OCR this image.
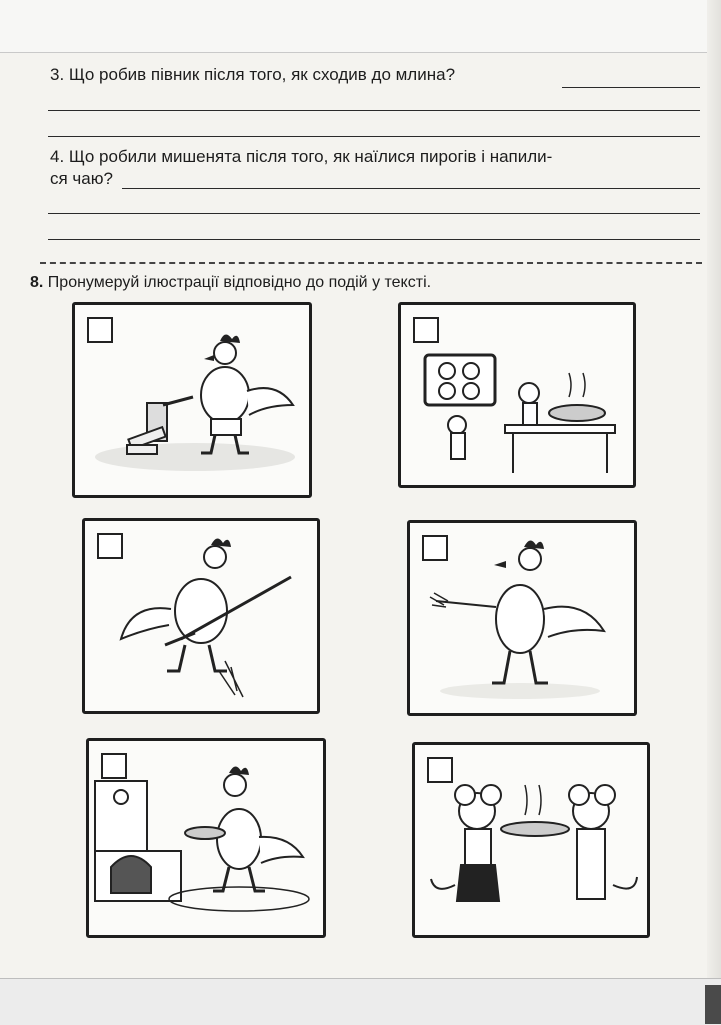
3. Що робив півник після того, як сходив до млина?
4. Що робили мишенята після того, як наїлися пирогів і напили-
ся чаю?
8. Пронумеруй ілюстрації відповідно до подій у тексті.
